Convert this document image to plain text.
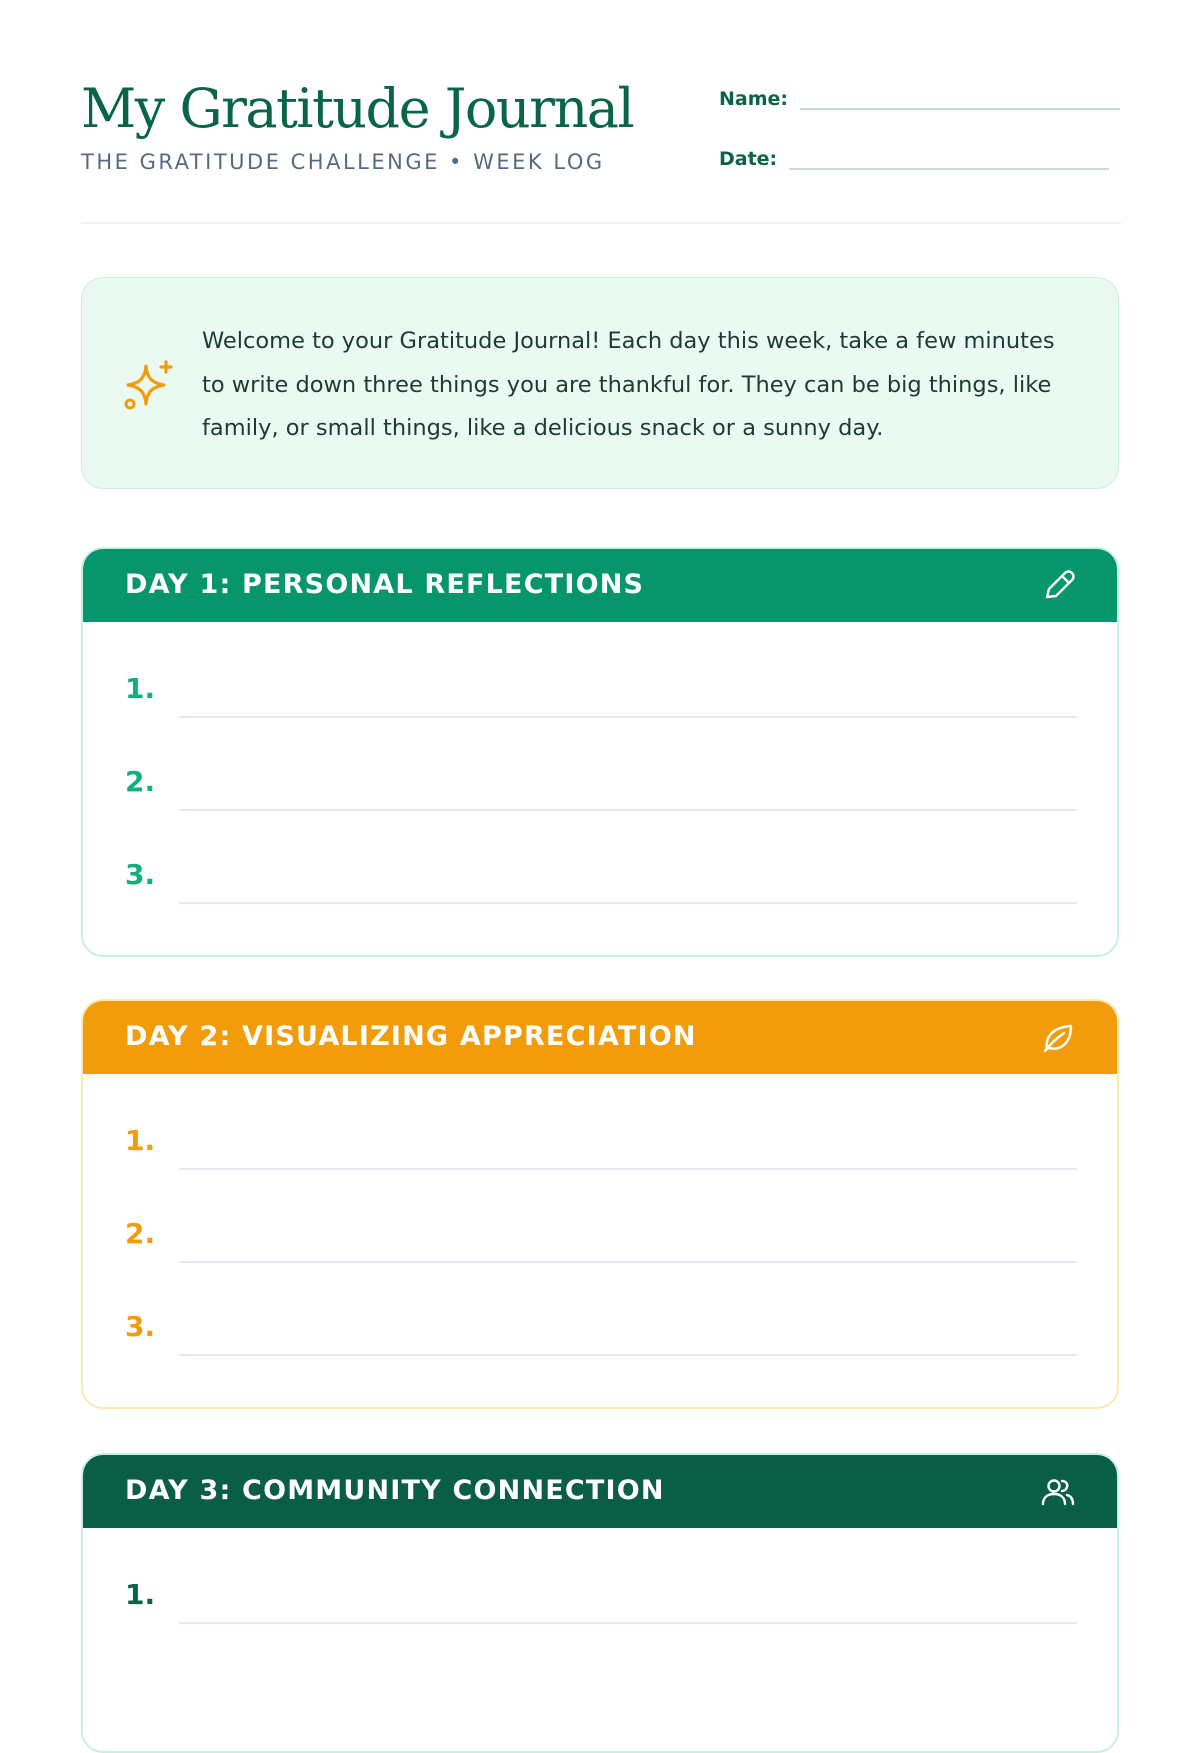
My Gratitude Journal
THE GRATITUDE CHALLENGE • WEEK LOG
Name:
Date:
Welcome to your Gratitude Journal! Each day this week, take a few minutes to write down three things you are thankful for. They can be big things, like family, or small things, like a delicious snack or a sunny day.
DAY 1: PERSONAL REFLECTIONS
1.
2.
3.
DAY 2: VISUALIZING APPRECIATION
1.
2.
3.
DAY 3: COMMUNITY CONNECTION
1.
